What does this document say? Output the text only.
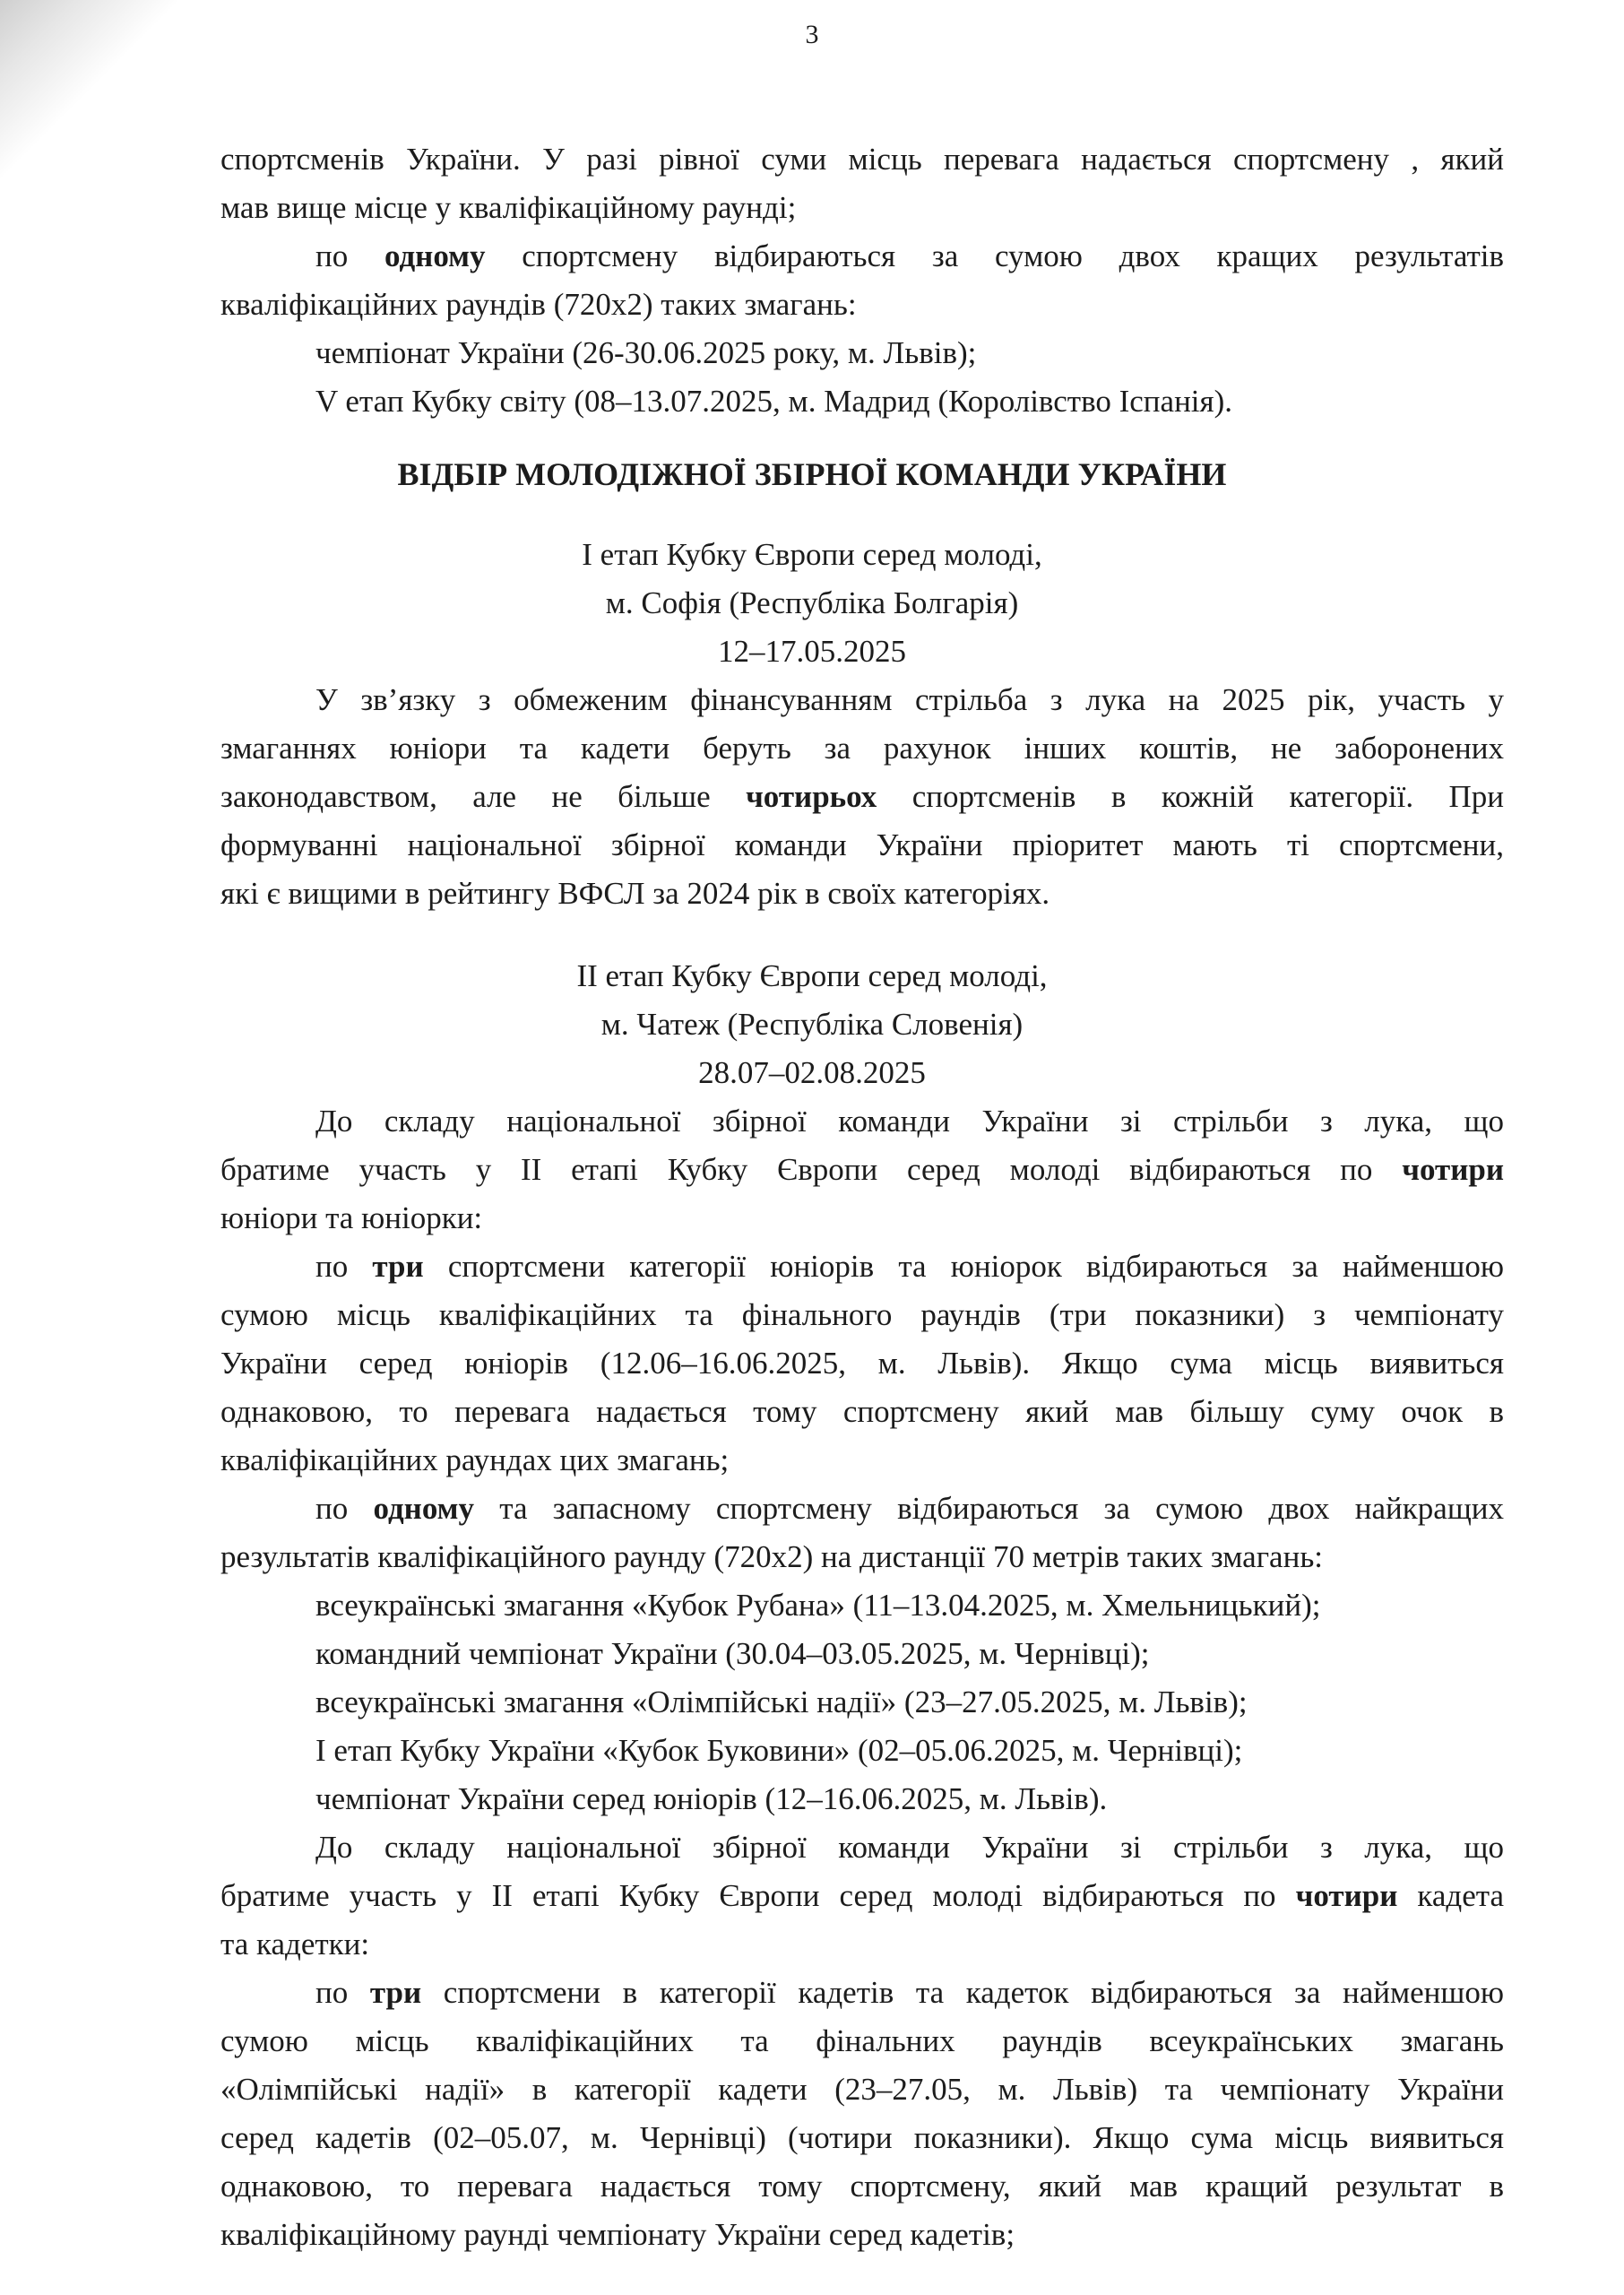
3
спортсменів України. У разі рівної суми місць перевага надається спортсмену , який
мав вище місце у кваліфікаційному раунді;
по одному спортсмену відбираються за сумою двох кращих результатів
кваліфікаційних раундів (720х2) таких змагань:
чемпіонат України (26-30.06.2025 року, м. Львів);
V етап Кубку світу (08–13.07.2025, м. Мадрид (Королівство Іспанія).
ВІДБІР МОЛОДІЖНОЇ ЗБІРНОЇ КОМАНДИ УКРАЇНИ
І етап Кубку Європи серед молоді,
м. Софія (Республіка Болгарія)
12–17.05.2025
У зв’язку з обмеженим фінансуванням стрільба з лука на 2025 рік, участь у
змаганнях юніори та кадети беруть за рахунок інших коштів, не заборонених
законодавством, але не більше чотирьох спортсменів в кожній категорії. При
формуванні національної збірної команди України пріоритет мають ті спортсмени,
які є вищими в рейтингу ВФСЛ за 2024 рік в своїх категоріях.
ІІ етап Кубку Європи серед молоді,
м. Чатеж (Республіка Словенія)
28.07–02.08.2025
До складу національної збірної команди України зі стрільби з лука, що
братиме участь у ІІ етапі Кубку Європи серед молоді відбираються по чотири
юніори та юніорки:
по три спортсмени категорії юніорів та юніорок відбираються за найменшою
сумою місць кваліфікаційних та фінального раундів (три показники) з чемпіонату
України серед юніорів (12.06–16.06.2025, м. Львів). Якщо сума місць виявиться
однаковою, то перевага надається тому спортсмену який мав більшу суму очок в
кваліфікаційних раундах цих змагань;
по одному та запасному спортсмену відбираються за сумою двох найкращих
результатів кваліфікаційного раунду (720х2) на дистанції 70 метрів таких змагань:
всеукраїнські змагання «Кубок Рубана» (11–13.04.2025, м. Хмельницький);
командний чемпіонат України (30.04–03.05.2025, м. Чернівці);
всеукраїнські змагання «Олімпійські надії» (23–27.05.2025, м. Львів);
І етап Кубку України «Кубок Буковини» (02–05.06.2025, м. Чернівці);
чемпіонат України серед юніорів (12–16.06.2025, м. Львів).
До складу національної збірної команди України зі стрільби з лука, що
братиме участь у ІІ етапі Кубку Європи серед молоді відбираються по чотири кадета
та кадетки:
по три спортсмени в категорії кадетів та кадеток відбираються за найменшою
сумою місць кваліфікаційних та фінальних раундів всеукраїнських змагань
«Олімпійські надії» в категорії кадети (23–27.05, м. Львів) та чемпіонату України
серед кадетів (02–05.07, м. Чернівці) (чотири показники). Якщо сума місць виявиться
однаковою, то перевага надається тому спортсмену, який мав кращий результат в
кваліфікаційному раунді чемпіонату України серед кадетів;
